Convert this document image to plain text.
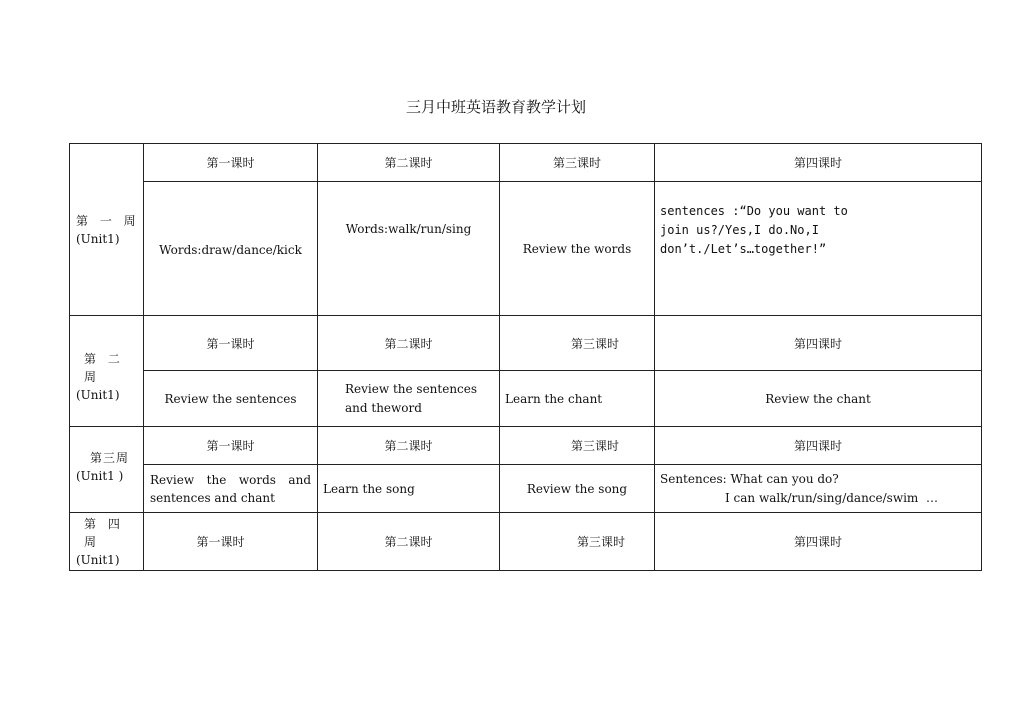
三月中班英语教育教学计划
第 一 周
(Unit1)	第一课时	第二课时	第三课时	第四课时
	Words:draw/dance/kick	Words:walk/run/sing	Review the words	sentences :“Do you want to join us?/Yes,I do.No,I don’t./Let’s…together!”

第 二 周
(Unit1)	第一课时	第二课时	第三课时	第四课时
	Review the sentences	Review the sentences and theword	Learn the chant	Review the chant

第三周
(Unit1 )	第一课时	第二课时	第三课时	第四课时
	Review the words and sentences and chant	Learn the song	Review the song	Sentences: What can you do?
I can walk/run/sing/dance/swim  …

第 四 周
(Unit1)	第一课时	第二课时	第三课时	第四课时
